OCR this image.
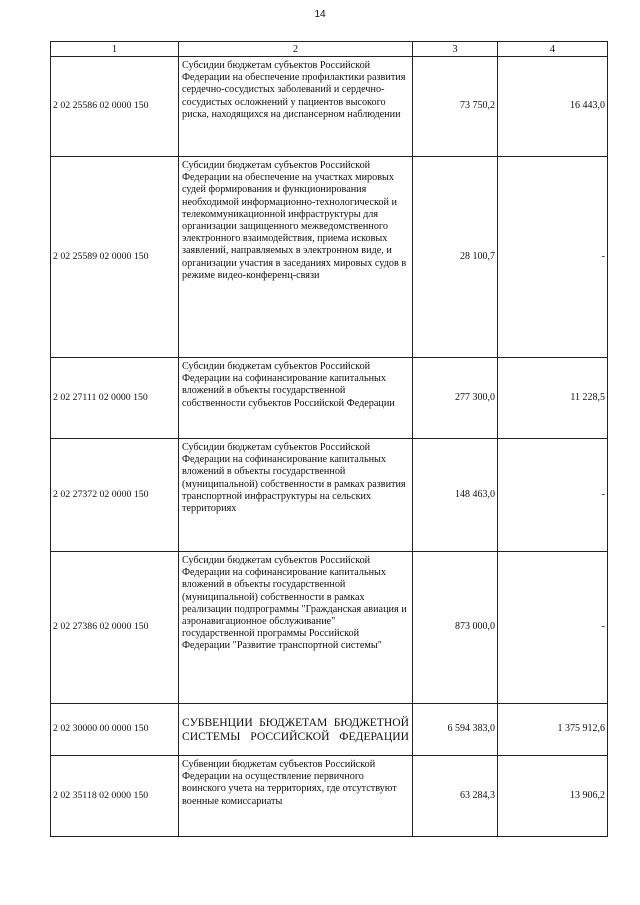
14
1	2	3	4
2 02 25586 02 0000 150	Субсидии бюджетам субъектов Российской Федерации на обеспечение профилактики развития сердечно-сосудистых заболеваний и сердечно-сосудистых осложнений у пациентов высокого риска, находящихся на диспансерном наблюдении	73 750,2	16 443,0
2 02 25589 02 0000 150	Субсидии бюджетам субъектов Российской Федерации на обеспечение на участках мировых судей формирования и функционирования необходимой информационно-технологической и телекоммуникационной инфраструктуры для организации защищенного межведомственного электронного взаимодействия, приема исковых заявлений, направляемых в электронном виде, и организации участия в заседаниях мировых судов в режиме видео-конференц-связи	28 100,7	-
2 02 27111 02 0000 150	Субсидии бюджетам субъектов Российской Федерации на софинансирование капитальных вложений в объекты государственной собственности субъектов Российской Федерации	277 300,0	11 228,5
2 02 27372 02 0000 150	Субсидии бюджетам субъектов Российской Федерации на софинансирование капитальных вложений в объекты государственной (муниципальной) собственности в рамках развития транспортной инфраструктуры на сельских территориях	148 463,0	-
2 02 27386 02 0000 150	Субсидии бюджетам субъектов Российской Федерации на софинансирование капитальных вложений в объекты государственной (муниципальной) собственности в рамках реализации подпрограммы "Гражданская авиация и аэронавигационное обслуживание" государственной программы Российской Федерации "Развитие транспортной системы"	873 000,0	-
2 02 30000 00 0000 150	СУБВЕНЦИИ БЮДЖЕТАМ БЮДЖЕТНОЙ СИСТЕМЫ РОССИЙСКОЙ ФЕДЕРАЦИИ	6 594 383,0	1 375 912,6
2 02 35118 02 0000 150	Субвенции бюджетам субъектов Российской Федерации на осуществление первичного воинского учета на территориях, где отсутствуют военные комиссариаты	63 284,3	13 906,2
